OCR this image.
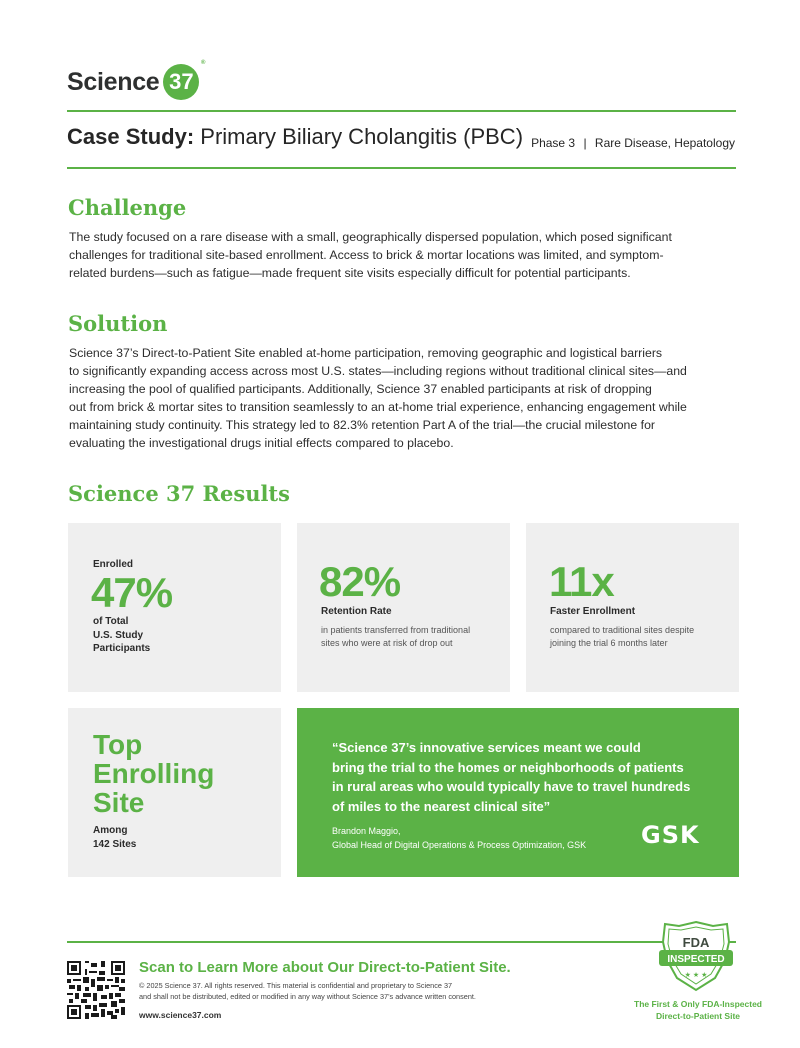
Science 37
®
Case Study: Primary Biliary Cholangitis (PBC) Phase 3 | Rare Disease, Hepatology
Challenge
The study focused on a rare disease with a small, geographically dispersed population, which posed significant
challenges for traditional site-based enrollment. Access to brick & mortar locations was limited, and symptom-
related burdens—such as fatigue—made frequent site visits especially difficult for potential participants.
Solution
Science 37’s Direct-to-Patient Site enabled at-home participation, removing geographic and logistical barriers
to significantly expanding access across most U.S. states—including regions without traditional clinical sites—and
increasing the pool of qualified participants. Additionally, Science 37 enabled participants at risk of dropping
out from brick & mortar sites to transition seamlessly to an at-home trial experience, enhancing engagement while
maintaining study continuity. This strategy led to 82.3% retention Part A of the trial—the crucial milestone for
evaluating the investigational drugs initial effects compared to placebo.
Science 37 Results
Enrolled
47%
of Total
U.S. Study
Participants
82%
Retention Rate
in patients transferred from traditional
sites who were at risk of drop out
11x
Faster Enrollment
compared to traditional sites despite
joining the trial 6 months later
Top
Enrolling
Site
Among
142 Sites
“Science 37’s innovative services meant we could
bring the trial to the homes or neighborhoods of patients
in rural areas who would typically have to travel hundreds
of miles to the nearest clinical site”
Brandon Maggio,
Global Head of Digital Operations & Process Optimization, GSK GSK
Scan to Learn More about Our Direct-to-Patient Site.
© 2025 Science 37. All rights reserved. This material is confidential and proprietary to Science 37
and shall not be distributed, edited or modified in any way without Science 37’s advance written consent.
www.science37.com
FDA
INSPECTED
★ ★ ★
The First & Only FDA-Inspected
Direct-to-Patient Site
